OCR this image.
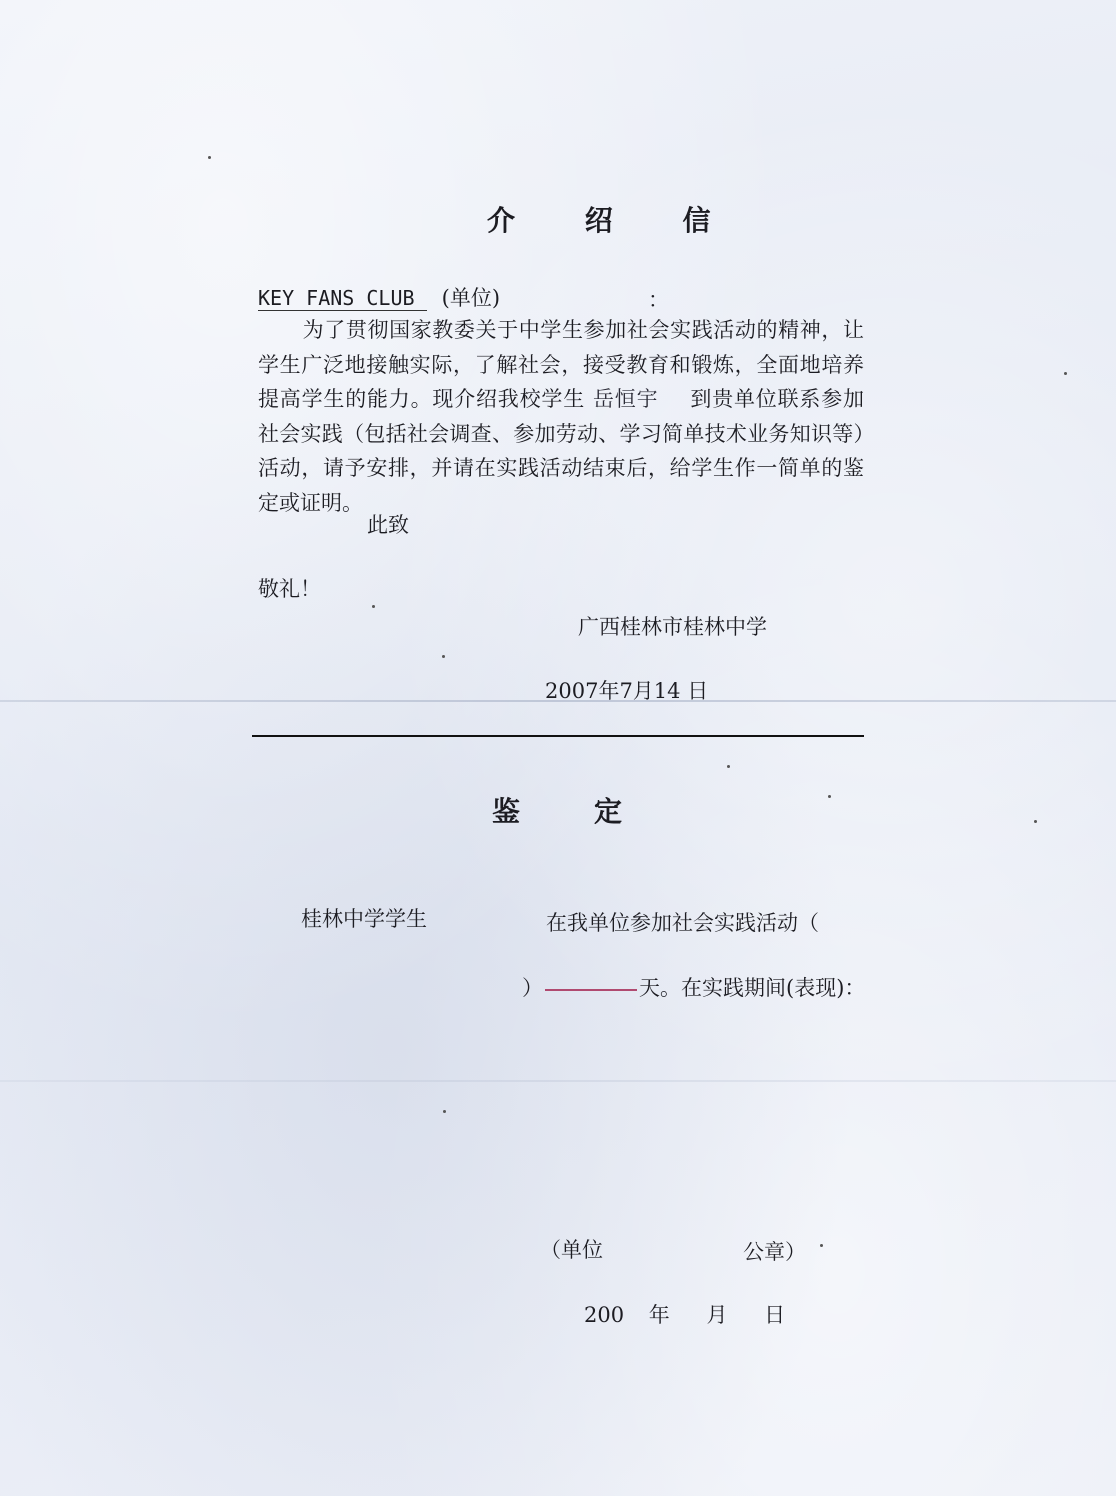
介 绍 信
KEY FANS CLUB (单位)	：
为了贯彻国家教委关于中学生参加社会实践活动的精神，让学生广泛地接触实际，了解社会，接受教育和锻炼，全面地培养提高学生的能力。现介绍我校学生 岳恒宇 到贵单位联系参加社会实践（包括社会调查、参加劳动、学习简单技术业务知识等）活动，请予安排，并请在实践活动结束后，给学生作一简单的鉴定或证明。
此致
敬礼！
广西桂林市桂林中学
2007年7月14 日
鉴　　定
桂林中学学生	在我单位参加社会实践活动（
）	天。在实践期间(表现)：
（单位	公章）
200 年 月 日
